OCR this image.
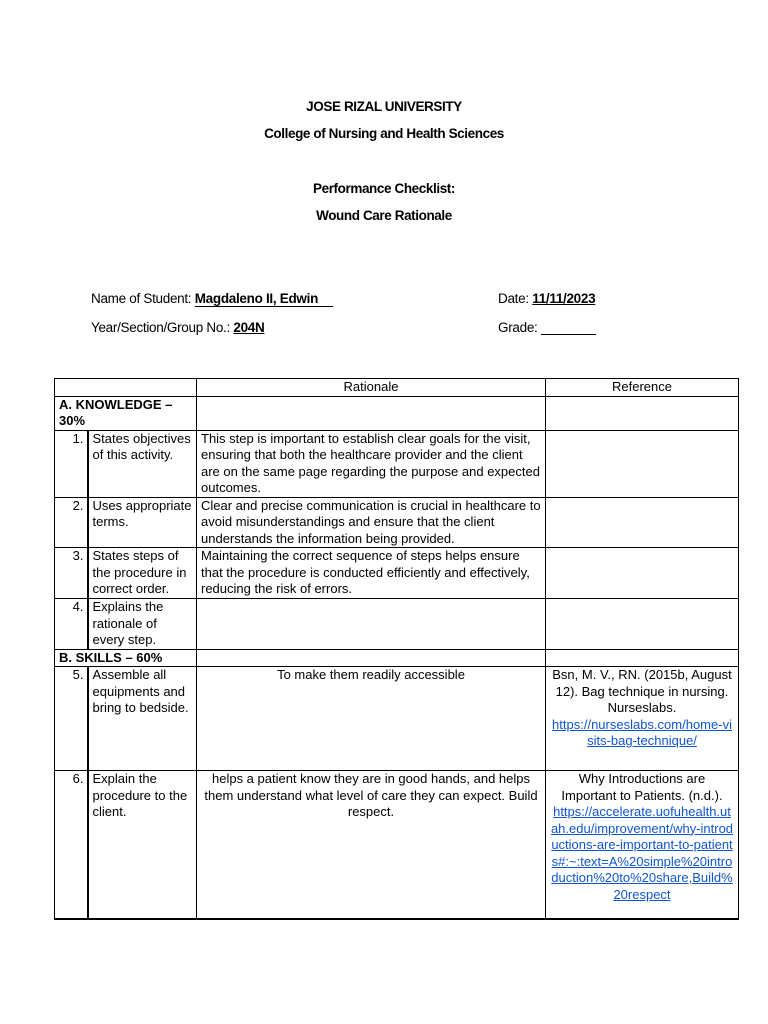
JOSE RIZAL UNIVERSITY
College of Nursing and Health Sciences
Performance Checklist:
Wound Care Rationale
Name of Student: Magdaleno II, Edwin	Date: 11/11/2023
Year/Section/Group No.: 204N	Grade:
		Rationale	Reference
A. KNOWLEDGE – 30%			
1.	States objectives of this activity.	This step is important to establish clear goals for the visit, ensuring that both the healthcare provider and the client are on the same page regarding the purpose and expected outcomes.	
2.	Uses appropriate terms.	Clear and precise communication is crucial in healthcare to avoid misunderstandings and ensure that the client understands the information being provided.	
3.	States steps of the procedure in correct order.	Maintaining the correct sequence of steps helps ensure that the procedure is conducted efficiently and effectively, reducing the risk of errors.	
4.	Explains the rationale of every step.		
B. SKILLS – 60%			
5.	Assemble all equipments and bring to bedside.	To make them readily accessible	Bsn, M. V., RN. (2015b, August 12). Bag technique in nursing. Nurseslabs.
https://nurseslabs.com/home-visits-bag-technique/
6.	Explain the procedure to the client.	helps a patient know they are in good hands, and helps them understand what level of care they can expect. Build respect.	Why Introductions are Important to Patients. (n.d.).
https://accelerate.uofuhealth.utah.edu/improvement/why-introductions-are-important-to-patients#:~:text=A%20simple%20introduction%20to%20share,Build%20respect
